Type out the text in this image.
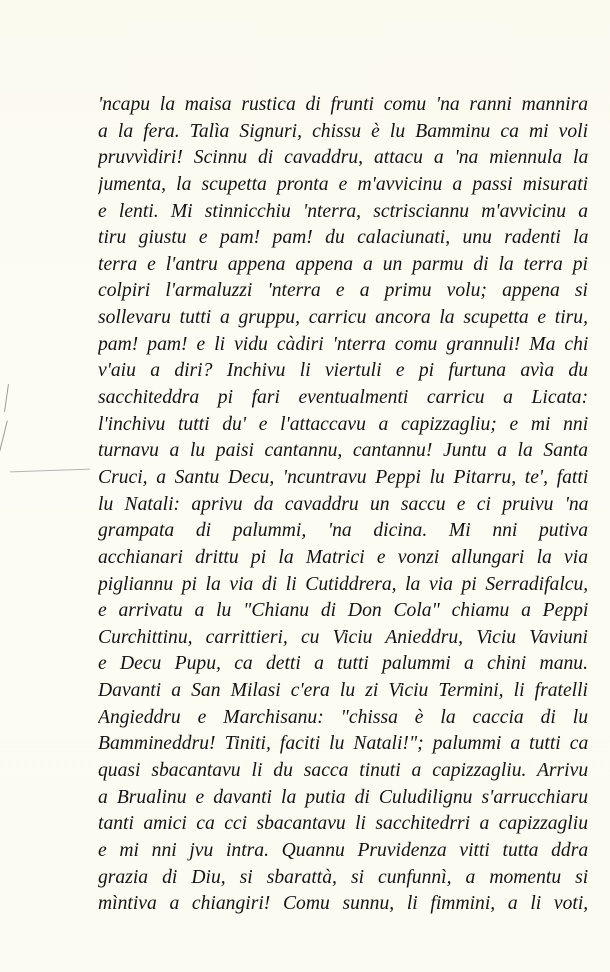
'ncapu la maisa rustica di frunti comu 'na ranni mannira
a la fera. Talìa Signuri, chissu è lu Bamminu ca mi voli
pruvvìdiri! Scinnu di cavaddru, attacu a 'na miennula la
jumenta, la scupetta pronta e m'avvicinu a passi misurati
e lenti. Mi stinnicchiu 'nterra, sctrisciannu m'avvicinu a
tiru giustu e pam! pam! du calaciunati, unu radenti la
terra e l'antru appena appena a un parmu di la terra pi
colpiri l'armaluzzi 'nterra e a primu volu; appena si
sollevaru tutti a gruppu, carricu ancora la scupetta e tiru,
pam! pam! e li vidu càdiri 'nterra comu grannuli! Ma chi
v'aiu a diri? Inchivu li viertuli e pi furtuna avìa du
sacchiteddra pi fari eventualmenti carricu a Licata:
l'inchivu tutti du' e l'attaccavu a capizzagliu; e mi nni
turnavu a lu paisi cantannu, cantannu! Juntu a la Santa
Cruci, a Santu Decu, 'ncuntravu Peppi lu Pitarru, te', fatti
lu Natali: aprivu da cavaddru un saccu e ci pruivu 'na
grampata di palummi, 'na dicina. Mi nni putiva
acchianari drittu pi la Matrici e vonzi allungari la via
pigliannu pi la via di li Cutiddrera, la via pi Serradifalcu,
e arrivatu a lu "Chianu di Don Cola" chiamu a Peppi
Curchittinu, carrittieri, cu Viciu Anieddru, Viciu Vaviuni
e Decu Pupu, ca detti a tutti palummi a chini manu.
Davanti a San Milasi c'era lu zi Viciu Termini, li fratelli
Angieddru e Marchisanu: "chissa è la caccia di lu
Bammineddru! Tiniti, faciti lu Natali!"; palummi a tutti ca
quasi sbacantavu li du sacca tinuti a capizzagliu. Arrivu
a Brualinu e davanti la putia di Culudilignu s'arrucchiaru
tanti amici ca cci sbacantavu li sacchitedrri a capizzagliu
e mi nni jvu intra. Quannu Pruvidenza vitti tutta ddra
grazia di Diu, si sbarattà, si cunfunnì, a momentu si
mìntiva a chiangiri! Comu sunnu, li fimmini, a li voti,
